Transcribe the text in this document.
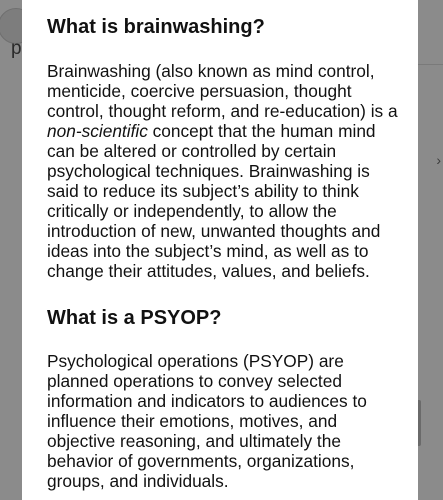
p
›
What is brainwashing?

Brainwashing (also known as mind control, menticide, coercive persuasion, thought control, thought reform, and re-education) is a non-scientific concept that the human mind can be altered or controlled by certain psychological techniques. Brainwashing is said to reduce its subject’s ability to think critically or independently, to allow the introduction of new, unwanted thoughts and ideas into the subject’s mind, as well as to change their attitudes, values, and beliefs.

What is a PSYOP?

Psychological operations (PSYOP) are planned operations to convey selected information and indicators to audiences to influence their emotions, motives, and objective reasoning, and ultimately the behavior of governments, organizations, groups, and individuals.
